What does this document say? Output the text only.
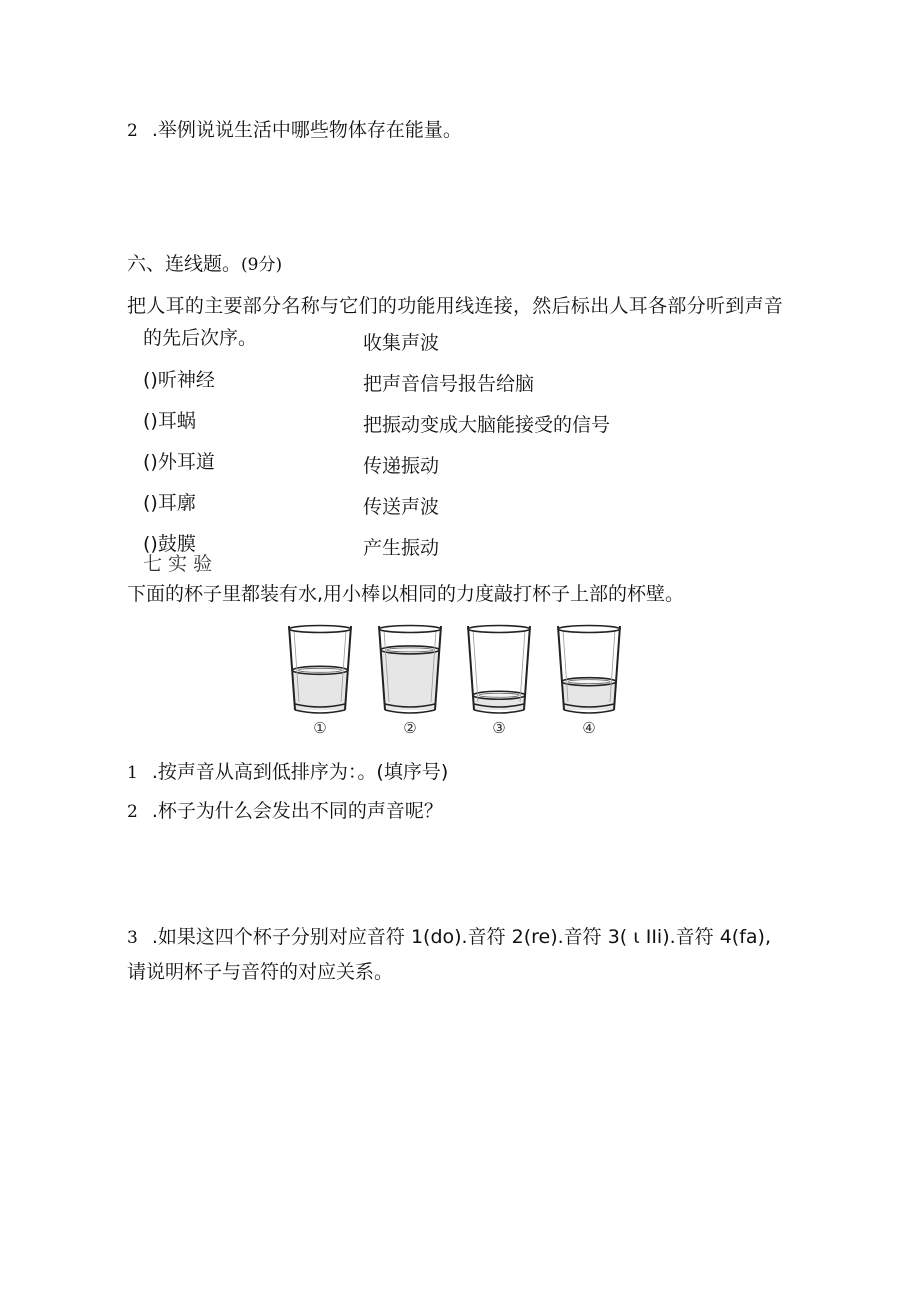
2 .举例说说生活中哪些物体存在能量。
六、连线题。(9分)
把人耳的主要部分名称与它们的功能用线连接，然后标出人耳各部分听到声音
的先后次序。
()听神经
()耳蜗
()外耳道
()耳廓
()鼓膜
收集声波
把声音信号报告给脑
把振动变成大脑能接受的信号
传递振动
传送声波
产生振动
七 实 验
下面的杯子里都装有水,用小棒以相同的力度敲打杯子上部的杯壁。
①	②	③	④
1 .按声音从高到低排序为：。(填序号)
2 .杯子为什么会发出不同的声音呢？
3 .如果这四个杯子分别对应音符 1(do).音符 2(re).音符 3( ι IIi).音符 4(fa),
请说明杯子与音符的对应关系。
